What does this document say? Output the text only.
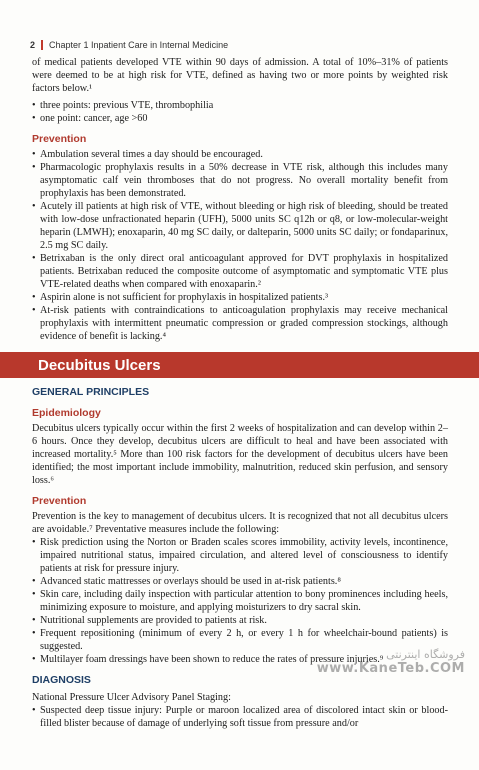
2 Chapter 1 Inpatient Care in Internal Medicine

of medical patients developed VTE within 90 days of admission. A total of 10%–31% of patients were deemed to be at high risk for VTE, defined as having two or more points by weighted risk factors below.¹

• three points: previous VTE, thrombophilia
• one point: cancer, age >60
Prevention
• Ambulation several times a day should be encouraged.
• Pharmacologic prophylaxis results in a 50% decrease in VTE risk, although this includes many asymptomatic calf vein thromboses that do not progress. No overall mortality benefit from prophylaxis has been demonstrated.
• Acutely ill patients at high risk of VTE, without bleeding or high risk of bleeding, should be treated with low-dose unfractionated heparin (UFH), 5000 units SC q12h or q8, or low-molecular-weight heparin (LMWH); enoxaparin, 40 mg SC daily, or dalteparin, 5000 units SC daily; or fondaparinux, 2.5 mg SC daily.
• Betrixaban is the only direct oral anticoagulant approved for DVT prophylaxis in hospitalized patients. Betrixaban reduced the composite outcome of asymptomatic and symptomatic VTE plus VTE-related deaths when compared with enoxaparin.²
• Aspirin alone is not sufficient for prophylaxis in hospitalized patients.³
• At-risk patients with contraindications to anticoagulation prophylaxis may receive mechanical prophylaxis with intermittent pneumatic compression or graded compression stockings, although evidence of benefit is lacking.⁴
Decubitus Ulcers
GENERAL PRINCIPLES
Epidemiology

Decubitus ulcers typically occur within the first 2 weeks of hospitalization and can develop within 2–6 hours. Once they develop, decubitus ulcers are difficult to heal and have been associated with increased mortality.⁵ More than 100 risk factors for the development of decubitus ulcers have been identified; the most important include immobility, malnutrition, reduced skin perfusion, and sensory loss.⁶

Prevention

Prevention is the key to management of decubitus ulcers. It is recognized that not all decubitus ulcers are avoidable.⁷ Preventative measures include the following:

• Risk prediction using the Norton or Braden scales scores immobility, activity levels, incontinence, impaired nutritional status, impaired circulation, and altered level of consciousness to identify patients at risk for pressure injury.
• Advanced static mattresses or overlays should be used in at-risk patients.⁸
• Skin care, including daily inspection with particular attention to bony prominences including heels, minimizing exposure to moisture, and applying moisturizers to dry sacral skin.
• Nutritional supplements are provided to patients at risk.
• Frequent repositioning (minimum of every 2 h, or every 1 h for wheelchair-bound patients) is suggested.
• Multilayer foam dressings have been shown to reduce the rates of pressure injuries.⁹
DIAGNOSIS

National Pressure Ulcer Advisory Panel Staging:

• Suspected deep tissue injury: Purple or maroon localized area of discolored intact skin or blood-filled blister because of damage of underlying soft tissue from pressure and/or
فروشگاه اینترنتی
www.KaneTeb.COM
